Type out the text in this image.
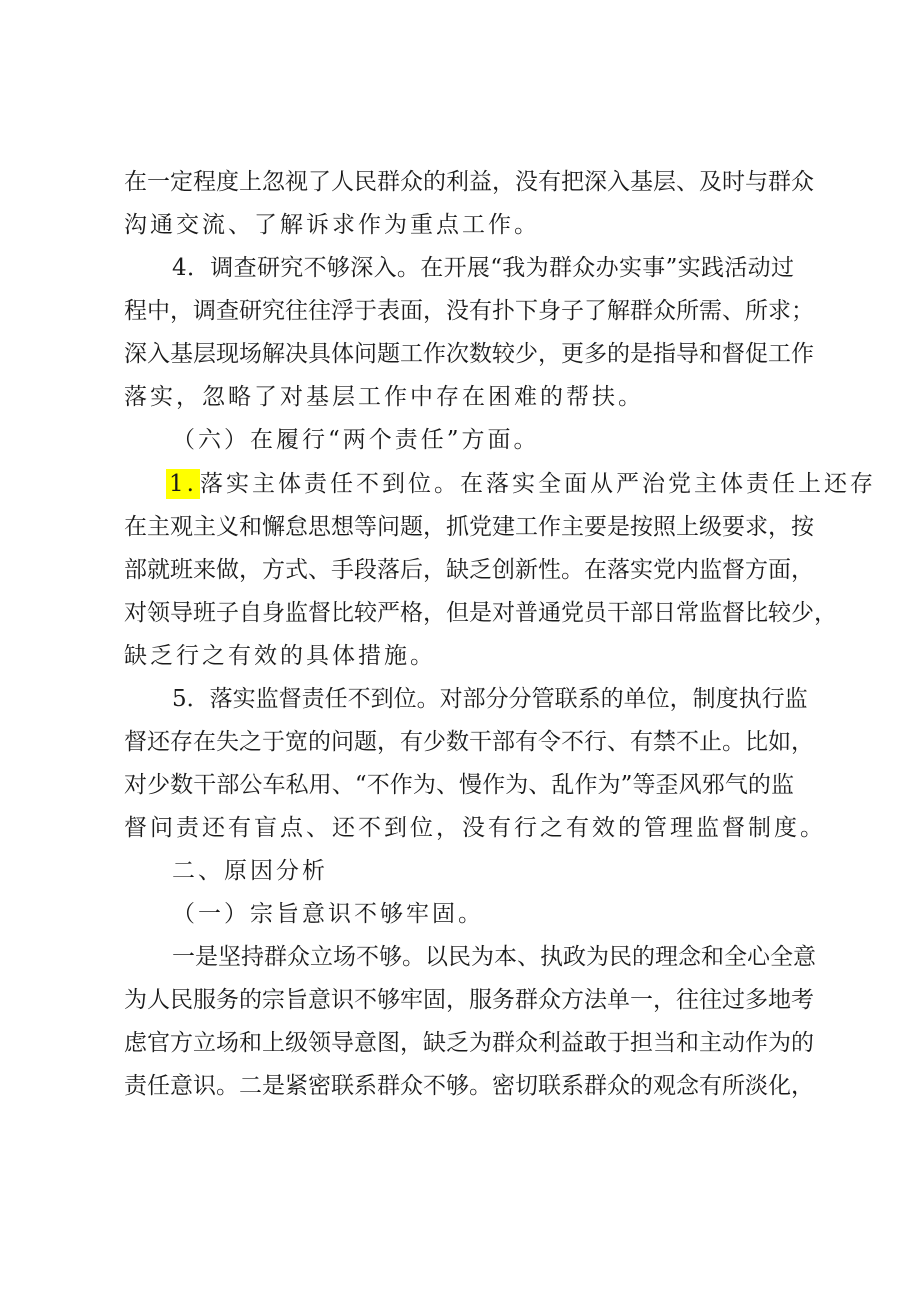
在一定程度上忽视了人民群众的利益，没有把深入基层、及时与群众
沟通交流、了解诉求作为重点工作。
4．调查研究不够深入。在开展“我为群众办实事”实践活动过
程中，调查研究往往浮于表面，没有扑下身子了解群众所需、所求；
深入基层现场解决具体问题工作次数较少，更多的是指导和督促工作
落实，忽略了对基层工作中存在困难的帮扶。
（六）在履行“两个责任”方面。
1. 落实主体责任不到位。在落实全面从严治党主体责任上还存
在主观主义和懈怠思想等问题，抓党建工作主要是按照上级要求，按
部就班来做，方式、手段落后，缺乏创新性。在落实党内监督方面，
对领导班子自身监督比较严格，但是对普通党员干部日常监督比较少，
缺乏行之有效的具体措施。
5．落实监督责任不到位。对部分分管联系的单位，制度执行监
督还存在失之于宽的问题，有少数干部有令不行、有禁不止。比如，
对少数干部公车私用、“不作为、慢作为、乱作为”等歪风邪气的监
督问责还有盲点、还不到位，没有行之有效的管理监督制度。
二、原因分析
（一）宗旨意识不够牢固。
一是坚持群众立场不够。以民为本、执政为民的理念和全心全意
为人民服务的宗旨意识不够牢固，服务群众方法单一，往往过多地考
虑官方立场和上级领导意图，缺乏为群众利益敢于担当和主动作为的
责任意识。二是紧密联系群众不够。密切联系群众的观念有所淡化，
